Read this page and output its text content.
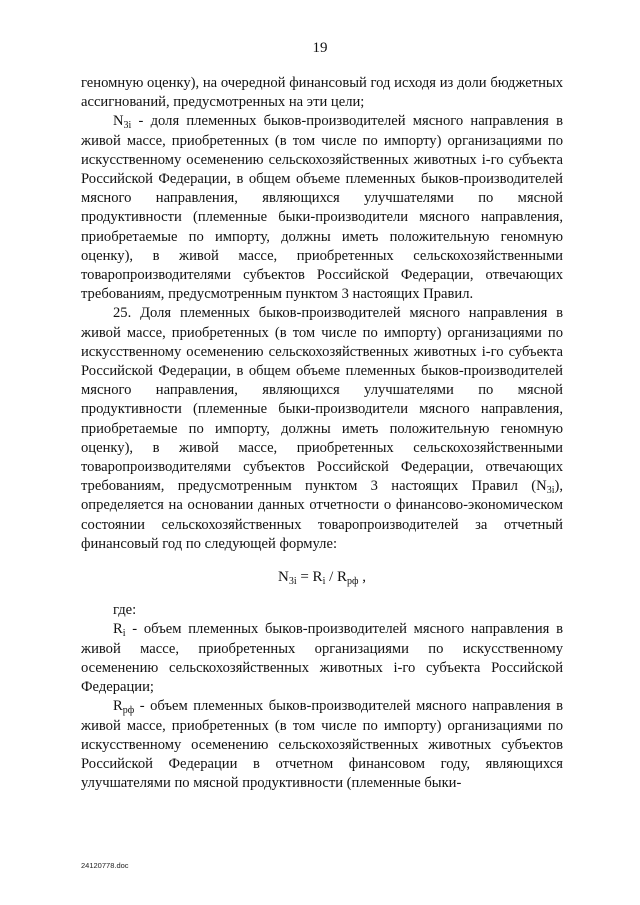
19

геномную оценку), на очередной финансовый год исходя из доли бюджетных ассигнований, предусмотренных на эти цели;

$N_{3i}$ - доля племенных быков-производителей мясного направления в живой массе, приобретенных (в том числе по импорту) организациями по искусственному осеменению сельскохозяйственных животных i-го субъекта Российской Федерации, в общем объеме племенных быков-производителей мясного направления, являющихся улучшателями по мясной продуктивности (племенные быки-производители мясного направления, приобретаемые по импорту, должны иметь положительную геномную оценку), в живой массе, приобретенных сельскохозяйственными товаропроизводителями субъектов Российской Федерации, отвечающих требованиям, предусмотренным пунктом 3 настоящих Правил.

25. Доля племенных быков-производителей мясного направления в живой массе, приобретенных (в том числе по импорту) организациями по искусственному осеменению сельскохозяйственных животных i-го субъекта Российской Федерации, в общем объеме племенных быков-производителей мясного направления, являющихся улучшателями по мясной продуктивности (племенные быки-производители мясного направления, приобретаемые по импорту, должны иметь положительную геномную оценку), в живой массе, приобретенных сельскохозяйственными товаропроизводителями субъектов Российской Федерации, отвечающих требованиям, предусмотренным пунктом 3 настоящих Правил $(N_{3i})$, определяется на основании данных отчетности о финансово-экономическом состоянии сельскохозяйственных товаропроизводителей за отчетный финансовый год по следующей формуле:

$N_{3i} = R_i / R_{рф}$ ,

где:

$R_i$ - объем племенных быков-производителей мясного направления в живой массе, приобретенных организациями по искусственному осеменению сельскохозяйственных животных i-го субъекта Российской Федерации;

$R_{рф}$ - объем племенных быков-производителей мясного направления в живой массе, приобретенных (в том числе по импорту) организациями по искусственному осеменению сельскохозяйственных животных субъектов Российской Федерации в отчетном финансовом году, являющихся улучшателями по мясной продуктивности (племенные быки-

24120778.doc
